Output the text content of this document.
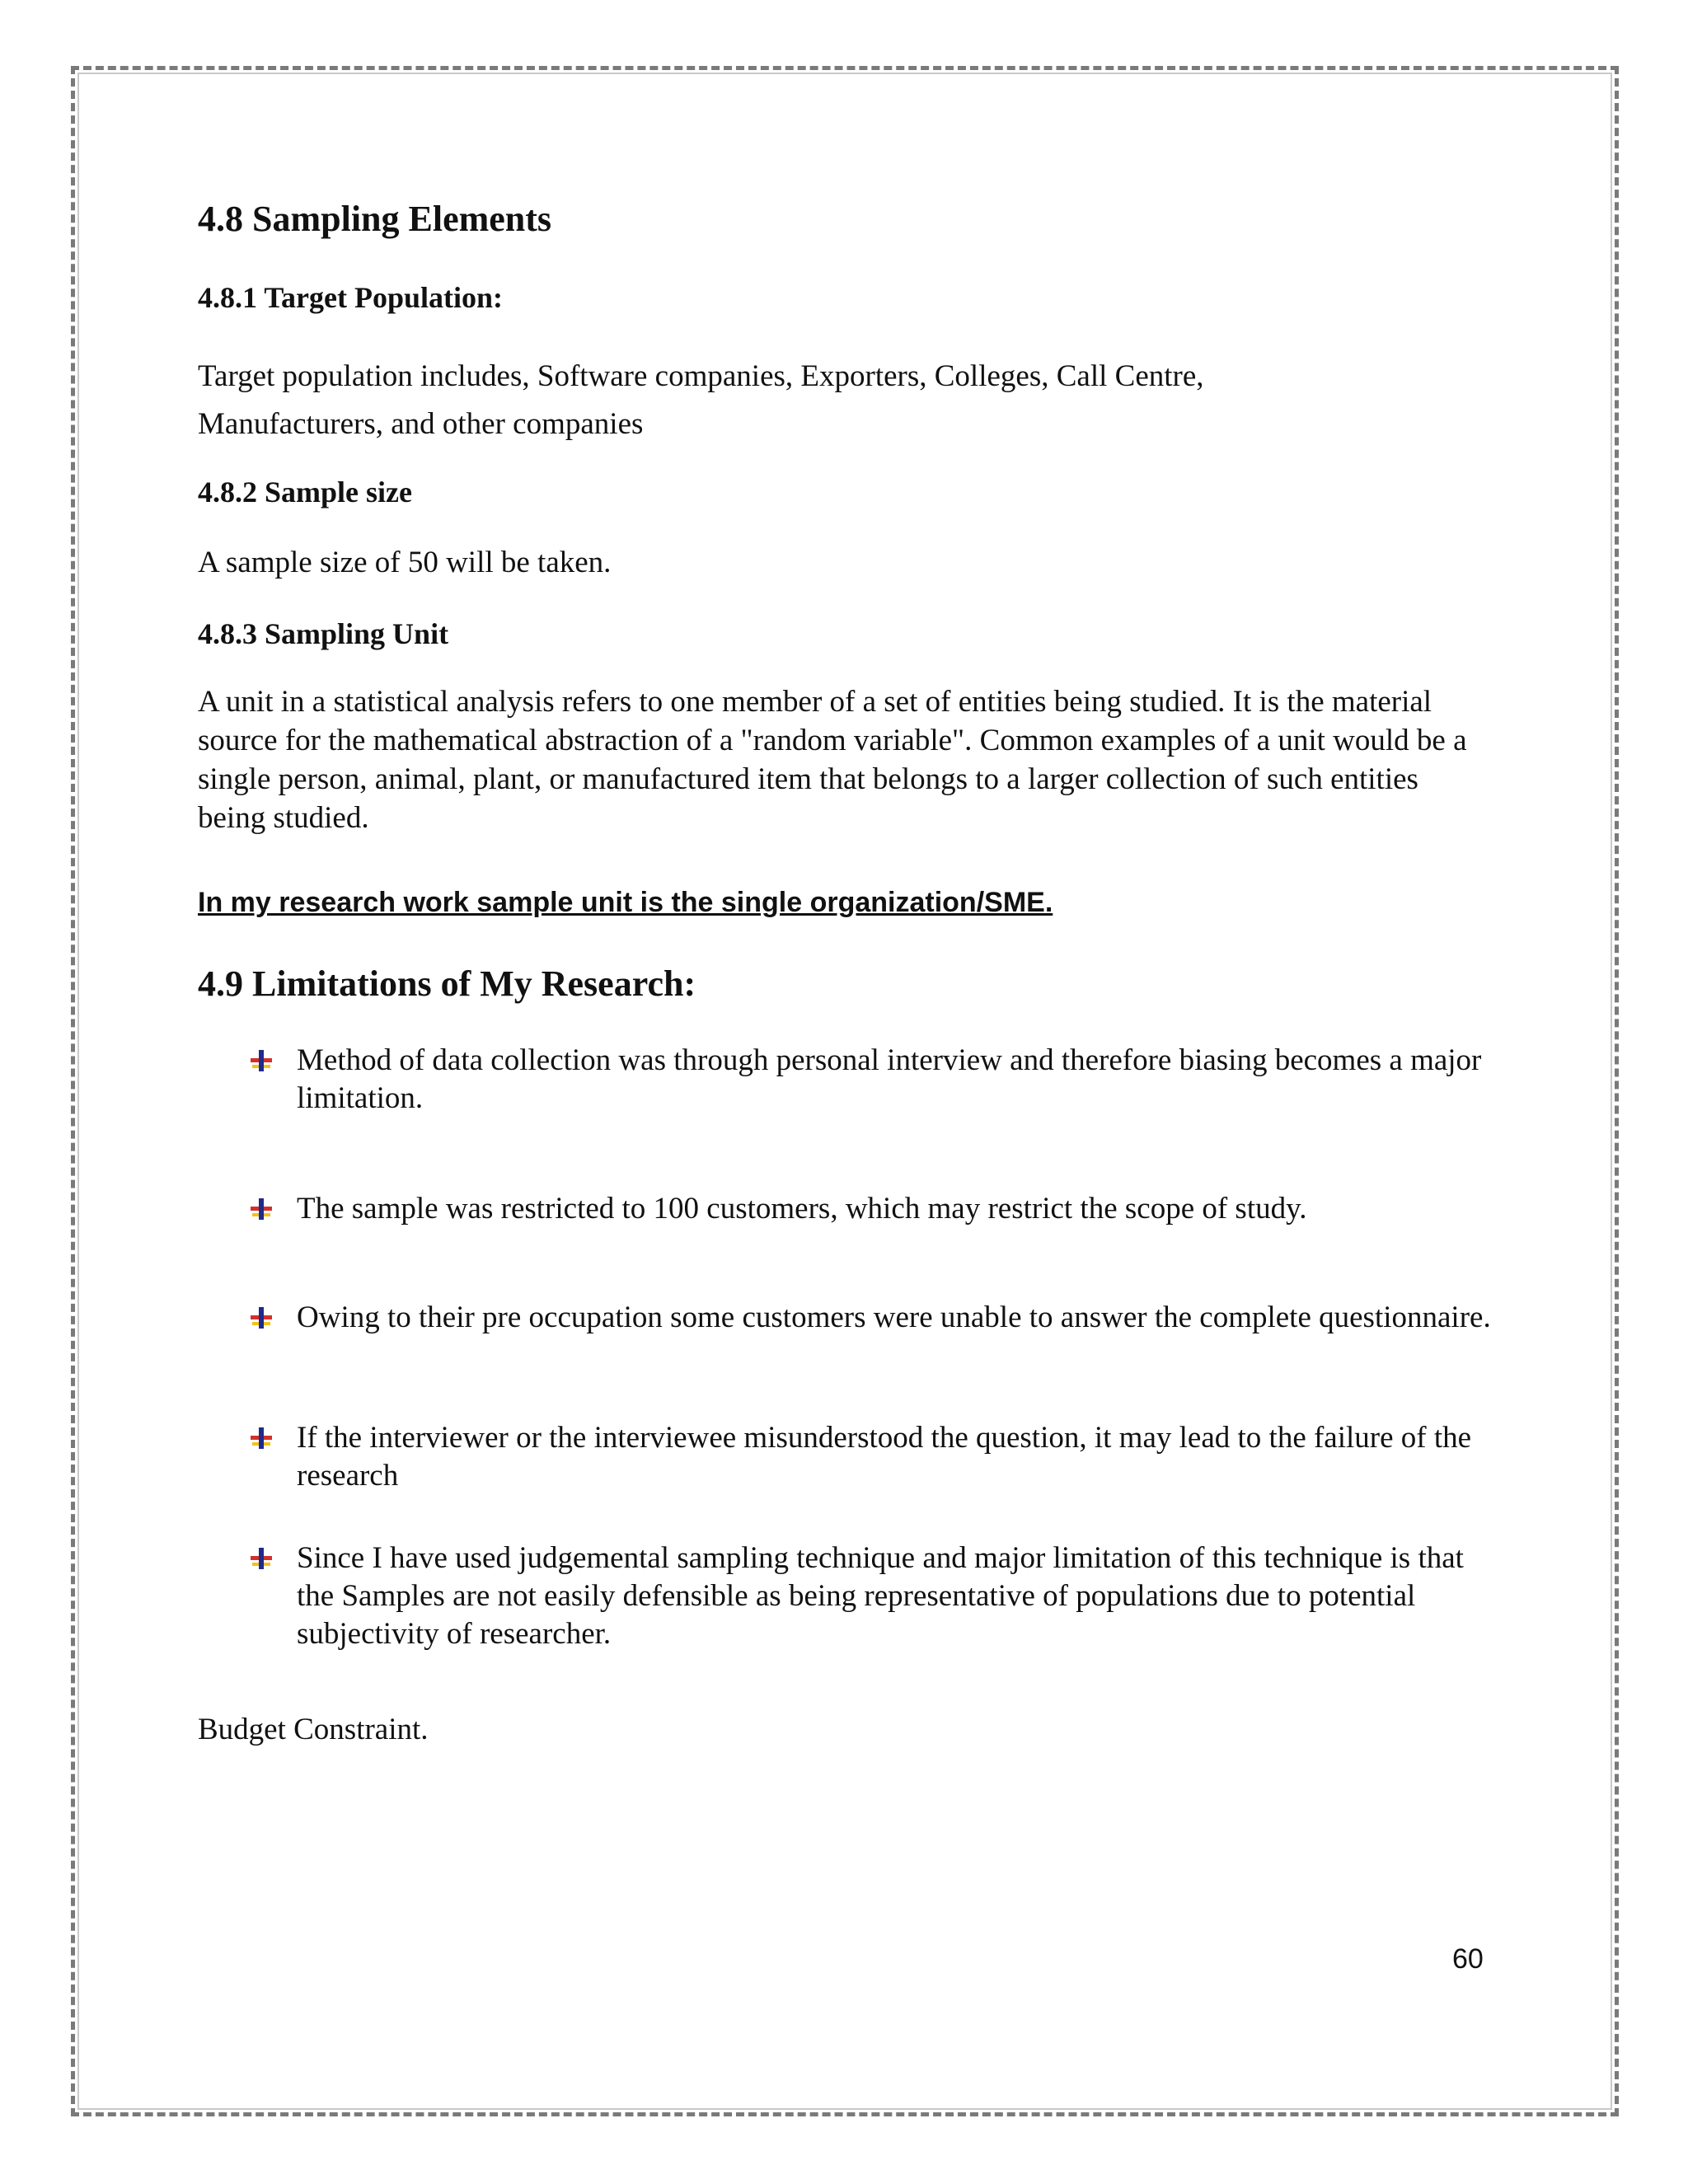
4.8 Sampling Elements
4.8.1 Target Population:

Target population includes, Software companies, Exporters, Colleges, Call Centre, Manufacturers, and other companies

4.8.2 Sample size

A sample size of 50 will be taken.

4.8.3 Sampling Unit

A unit in a statistical analysis refers to one member of a set of entities being studied. It is the material source for the mathematical abstraction of a "random variable". Common examples of a unit would be a single person, animal, plant, or manufactured item that belongs to a larger collection of such entities being studied.

In my research work sample unit is the single organization/SME.

4.9 Limitations of My Research:
Method of data collection was through personal interview and therefore biasing becomes a major limitation.
The sample was restricted to 100 customers, which may restrict the scope of study.
Owing to their pre occupation some customers were unable to answer the complete questionnaire.
If the interviewer or the interviewee misunderstood the question, it may lead to the failure of the research
Since I have used judgemental sampling technique and major limitation of this technique is that the Samples are not easily defensible as being representative of populations due to potential subjectivity of researcher.

Budget Constraint.

60
